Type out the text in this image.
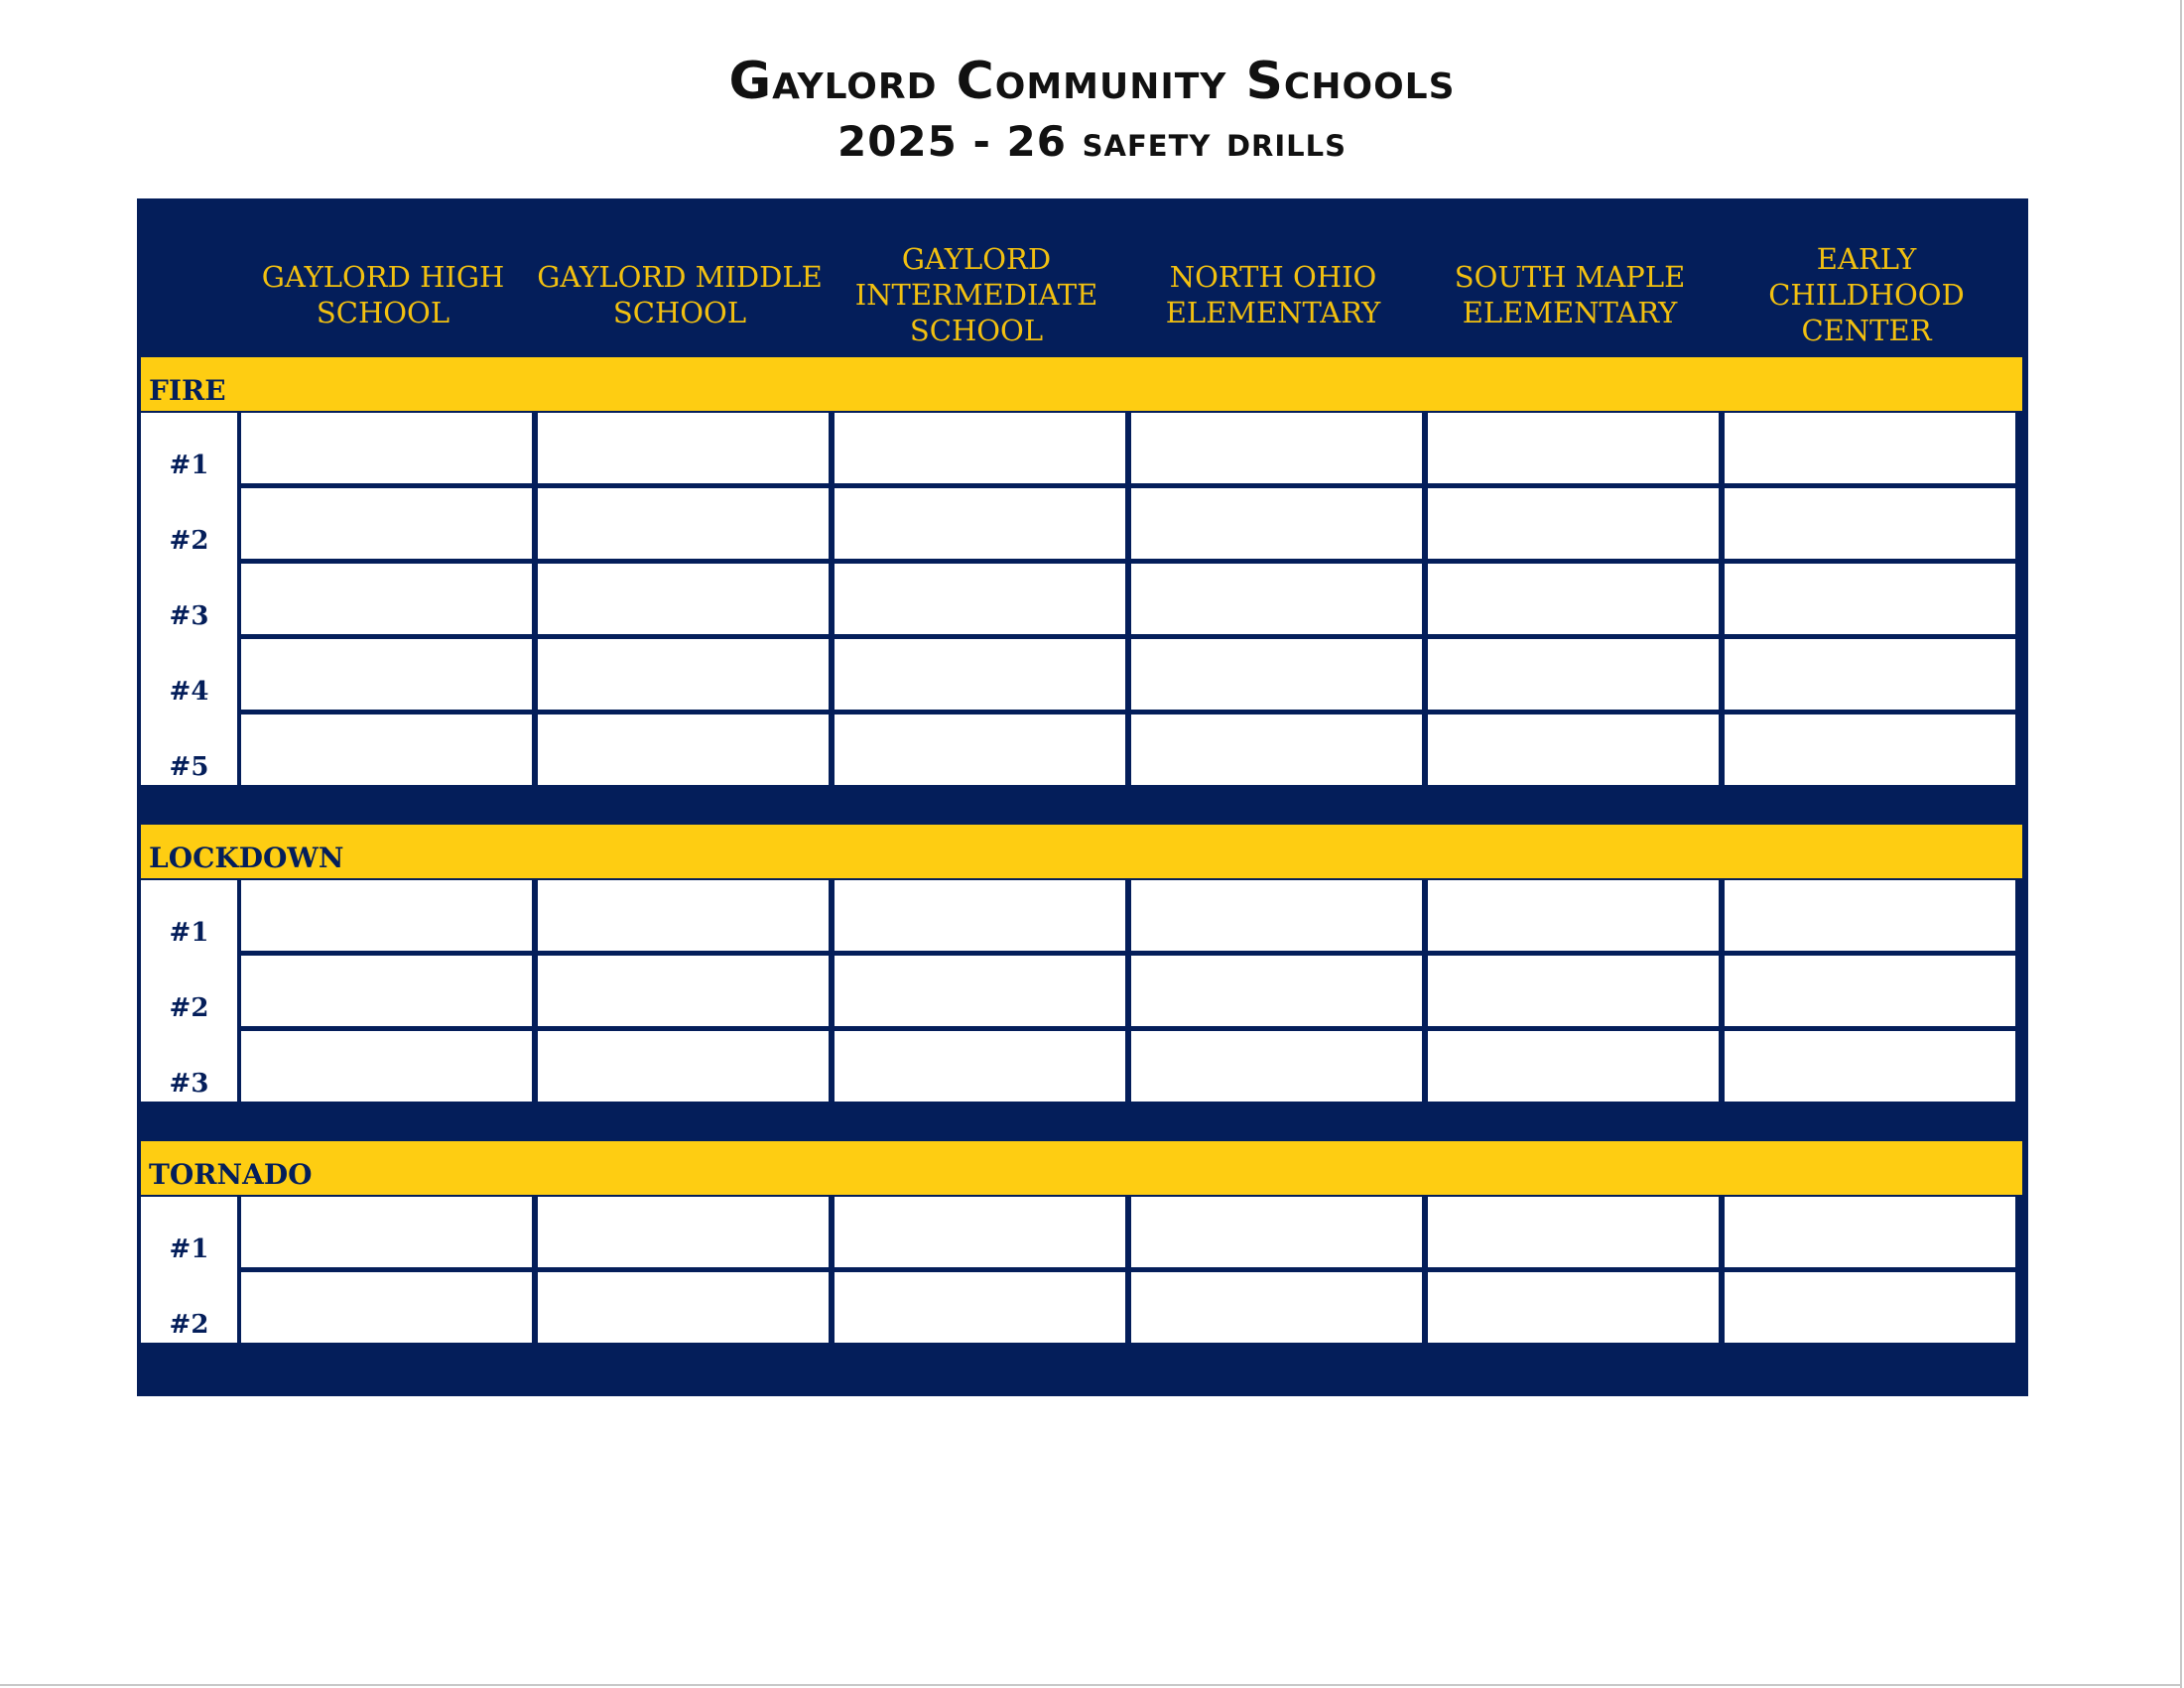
Gaylord Community Schools
2025 - 26 safety drills
GAYLORD HIGH SCHOOL
GAYLORD MIDDLE SCHOOL
GAYLORD INTERMEDIATE SCHOOL
NORTH OHIO ELEMENTARY
SOUTH MAPLE ELEMENTARY
EARLY CHILDHOOD CENTER
FIRE
#1
#2
#3
#4
#5
LOCKDOWN
#1
#2
#3
TORNADO
#1
#2
